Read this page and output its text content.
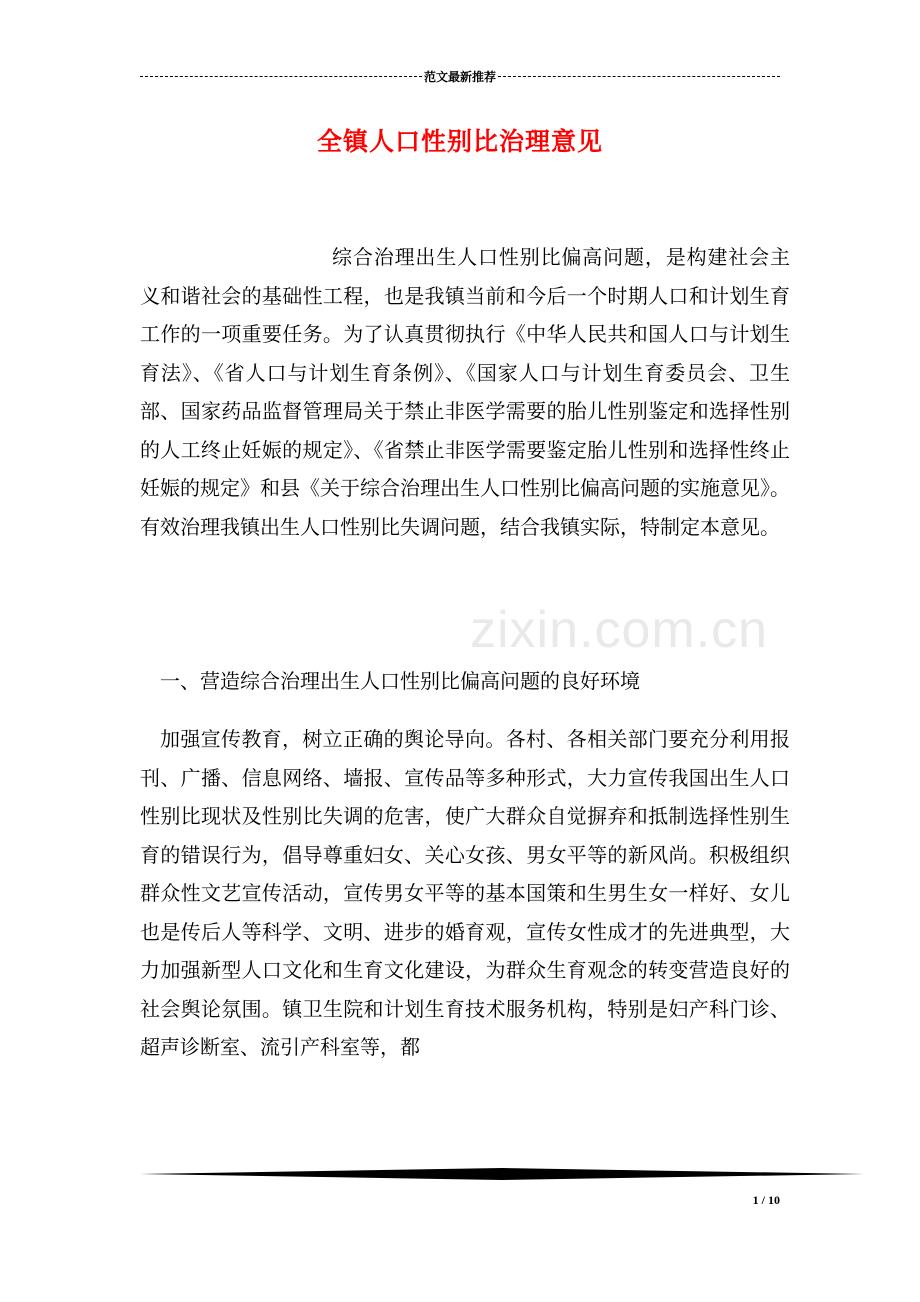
范文最新推荐
全镇人口性别比治理意见
综合治理出生人口性别比偏高问题，是构建社会主义和谐社会的基础性工程，也是我镇当前和今后一个时期人口和计划生育工作的一项重要任务。为了认真贯彻执行《中华人民共和国人口与计划生育法》、《省人口与计划生育条例》、《国家人口与计划生育委员会、卫生部、国家药品监督管理局关于禁止非医学需要的胎儿性别鉴定和选择性别的人工终止妊娠的规定》、《省禁止非医学需要鉴定胎儿性别和选择性终止妊娠的规定》和县《关于综合治理出生人口性别比偏高问题的实施意见》。有效治理我镇出生人口性别比失调问题，结合我镇实际，特制定本意见。
一、营造综合治理出生人口性别比偏高问题的良好环境
加强宣传教育，树立正确的舆论导向。各村、各相关部门要充分利用报刊、广播、信息网络、墙报、宣传品等多种形式，大力宣传我国出生人口性别比现状及性别比失调的危害，使广大群众自觉摒弃和抵制选择性别生育的错误行为，倡导尊重妇女、关心女孩、男女平等的新风尚。积极组织群众性文艺宣传活动，宣传男女平等的基本国策和生男生女一样好、女儿也是传后人等科学、文明、进步的婚育观，宣传女性成才的先进典型，大力加强新型人口文化和生育文化建设，为群众生育观念的转变营造良好的社会舆论氛围。镇卫生院和计划生育技术服务机构，特别是妇产科门诊、超声诊断室、流引产科室等，都
zixin.com.cn
1 / 10
